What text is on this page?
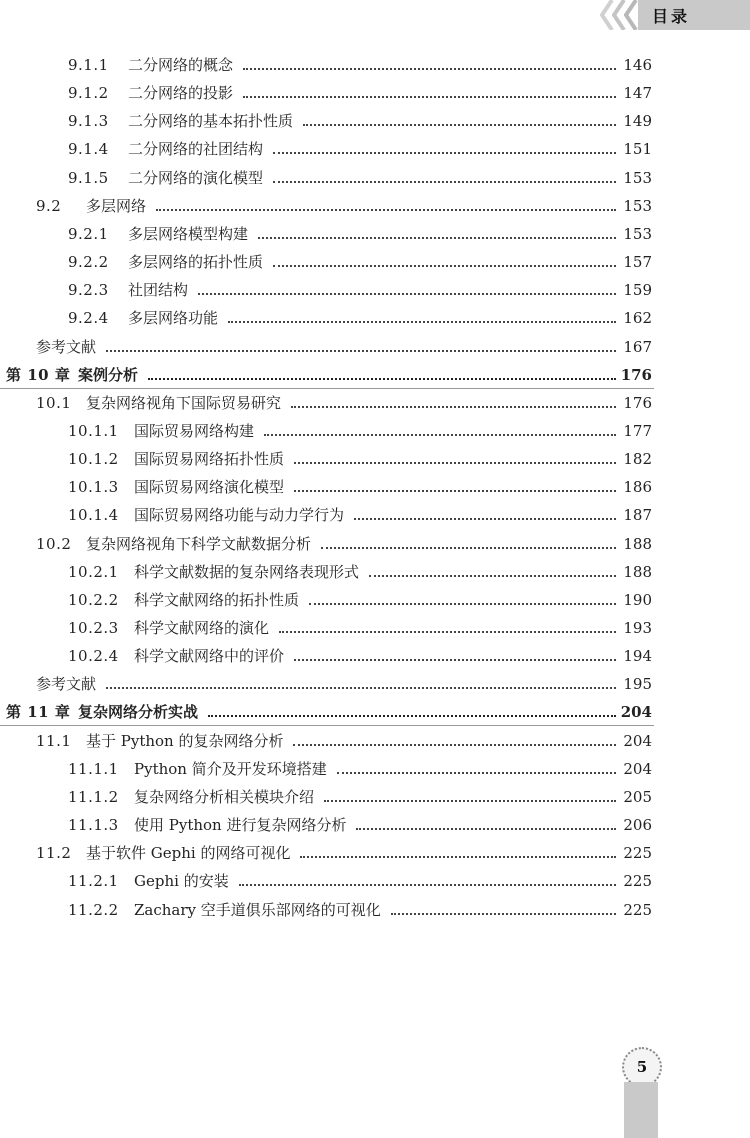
目录
9.1.1 二分网络的概念	146
9.1.2 二分网络的投影	147
9.1.3 二分网络的基本拓扑性质	149
9.1.4 二分网络的社团结构	151
9.1.5 二分网络的演化模型	153
9.2 多层网络	153
9.2.1 多层网络模型构建	153
9.2.2 多层网络的拓扑性质	157
9.2.3 社团结构	159
9.2.4 多层网络功能	162
参考文献	167
第 10 章 案例分析	176
10.1 复杂网络视角下国际贸易研究	176
10.1.1 国际贸易网络构建	177
10.1.2 国际贸易网络拓扑性质	182
10.1.3 国际贸易网络演化模型	186
10.1.4 国际贸易网络功能与动力学行为	187
10.2 复杂网络视角下科学文献数据分析	188
10.2.1 科学文献数据的复杂网络表现形式	188
10.2.2 科学文献网络的拓扑性质	190
10.2.3 科学文献网络的演化	193
10.2.4 科学文献网络中的评价	194
参考文献	195
第 11 章 复杂网络分析实战	204
11.1 基于 Python 的复杂网络分析	204
11.1.1 Python 简介及开发环境搭建	204
11.1.2 复杂网络分析相关模块介绍	205
11.1.3 使用 Python 进行复杂网络分析	206
11.2 基于软件 Gephi 的网络可视化	225
11.2.1 Gephi 的安装	225
11.2.2 Zachary 空手道俱乐部网络的可视化	225
5
